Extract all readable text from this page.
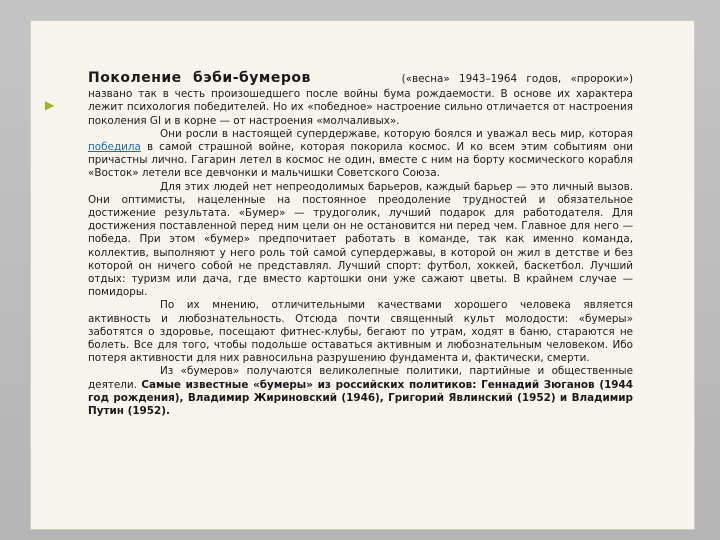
▶
Поколение бэби-бумеров	(«весна» 1943–1964 годов, «пророки»)

названо так в честь произошедшего после войны бума рождаемости. В основе их характера лежит психология победителей. Но их «победное» настроение сильно отличается от настроения поколения GI и в корне — от настроения «молчаливых».

Они росли в настоящей супердержаве, которую боялся и уважал весь мир, которая победила в самой страшной войне, которая покорила космос. И ко всем этим событиям они причастны лично. Гагарин летел в космос не один, вместе с ним на борту космического корабля «Восток» летели все девчонки и мальчишки Советского Союза.

Для этих людей нет непреодолимых барьеров, каждый барьер — это личный вызов. Они оптимисты, нацеленные на постоянное преодоление трудностей и обязательное достижение результата. «Бумер» — трудоголик, лучший подарок для работодателя. Для достижения поставленной перед ним цели он не остановится ни перед чем. Главное для него — победа. При этом «бумер» предпочитает работать в команде, так как именно команда, коллектив, выполняют у него роль той самой супердержавы, в которой он жил в детстве и без которой он ничего собой не представлял. Лучший спорт: футбол, хоккей, баскетбол. Лучший отдых: туризм или дача, где вместо картошки они уже сажают цветы. В крайнем случае — помидоры.

По их мнению, отличительными качествами хорошего человека является активность и любознательность. Отсюда почти священный культ молодости: «бумеры» заботятся о здоровье, посещают фитнес-клубы, бегают по утрам, ходят в баню, стараются не болеть. Все для того, чтобы подольше оставаться активным и любознательным человеком. Ибо потеря активности для них равносильна разрушению фундамента и, фактически, смерти.

Из «бумеров» получаются великолепные политики, партийные и общественные деятели. Самые известные «бумеры» из российских политиков: Геннадий Зюганов (1944 год рождения), Владимир Жириновский (1946), Григорий Явлинский (1952) и Владимир Путин (1952).
